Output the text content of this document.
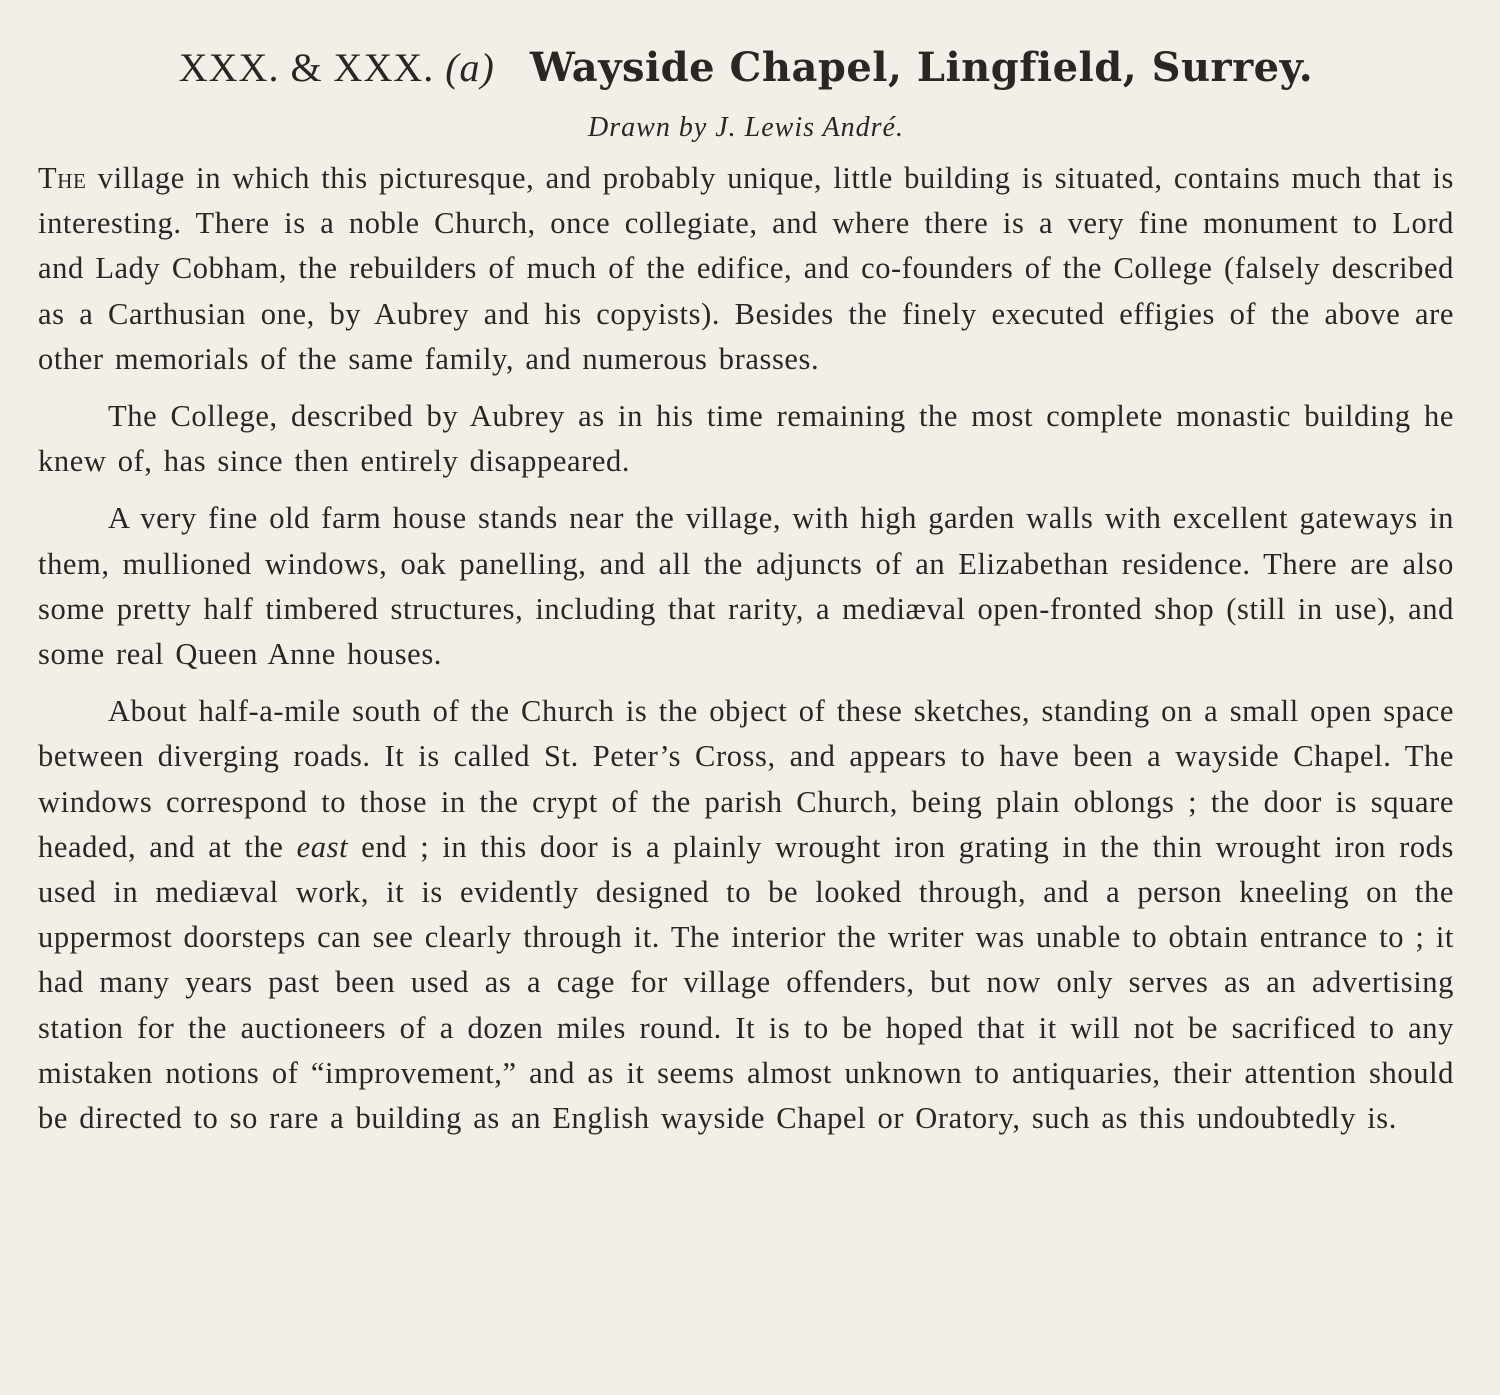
XXX. & XXX. (a) Wayside Chapel, Lingfield, Surrey.

Drawn by J. Lewis André.

The village in which this picturesque, and probably unique, little building is situated, contains much that is interesting. There is a noble Church, once collegiate, and where there is a very fine monument to Lord and Lady Cobham, the rebuilders of much of the edifice, and co-founders of the College (falsely described as a Carthusian one, by Aubrey and his copyists). Besides the finely executed effigies of the above are other memorials of the same family, and numerous brasses.

The College, described by Aubrey as in his time remaining the most complete monastic building he knew of, has since then entirely disappeared.

A very fine old farm house stands near the village, with high garden walls with excellent gateways in them, mullioned windows, oak panelling, and all the adjuncts of an Elizabethan residence. There are also some pretty half timbered structures, including that rarity, a mediæval open-fronted shop (still in use), and some real Queen Anne houses.

About half-a-mile south of the Church is the object of these sketches, standing on a small open space between diverging roads. It is called St. Peter’s Cross, and appears to have been a wayside Chapel. The windows correspond to those in the crypt of the parish Church, being plain oblongs ; the door is square headed, and at the east end ; in this door is a plainly wrought iron grating in the thin wrought iron rods used in mediæval work, it is evidently designed to be looked through, and a person kneeling on the uppermost doorsteps can see clearly through it. The interior the writer was unable to obtain entrance to ; it had many years past been used as a cage for village offenders, but now only serves as an advertising station for the auctioneers of a dozen miles round. It is to be hoped that it will not be sacrificed to any mistaken notions of “improvement,” and as it seems almost unknown to antiquaries, their attention should be directed to so rare a building as an English wayside Chapel or Oratory, such as this undoubtedly is.
